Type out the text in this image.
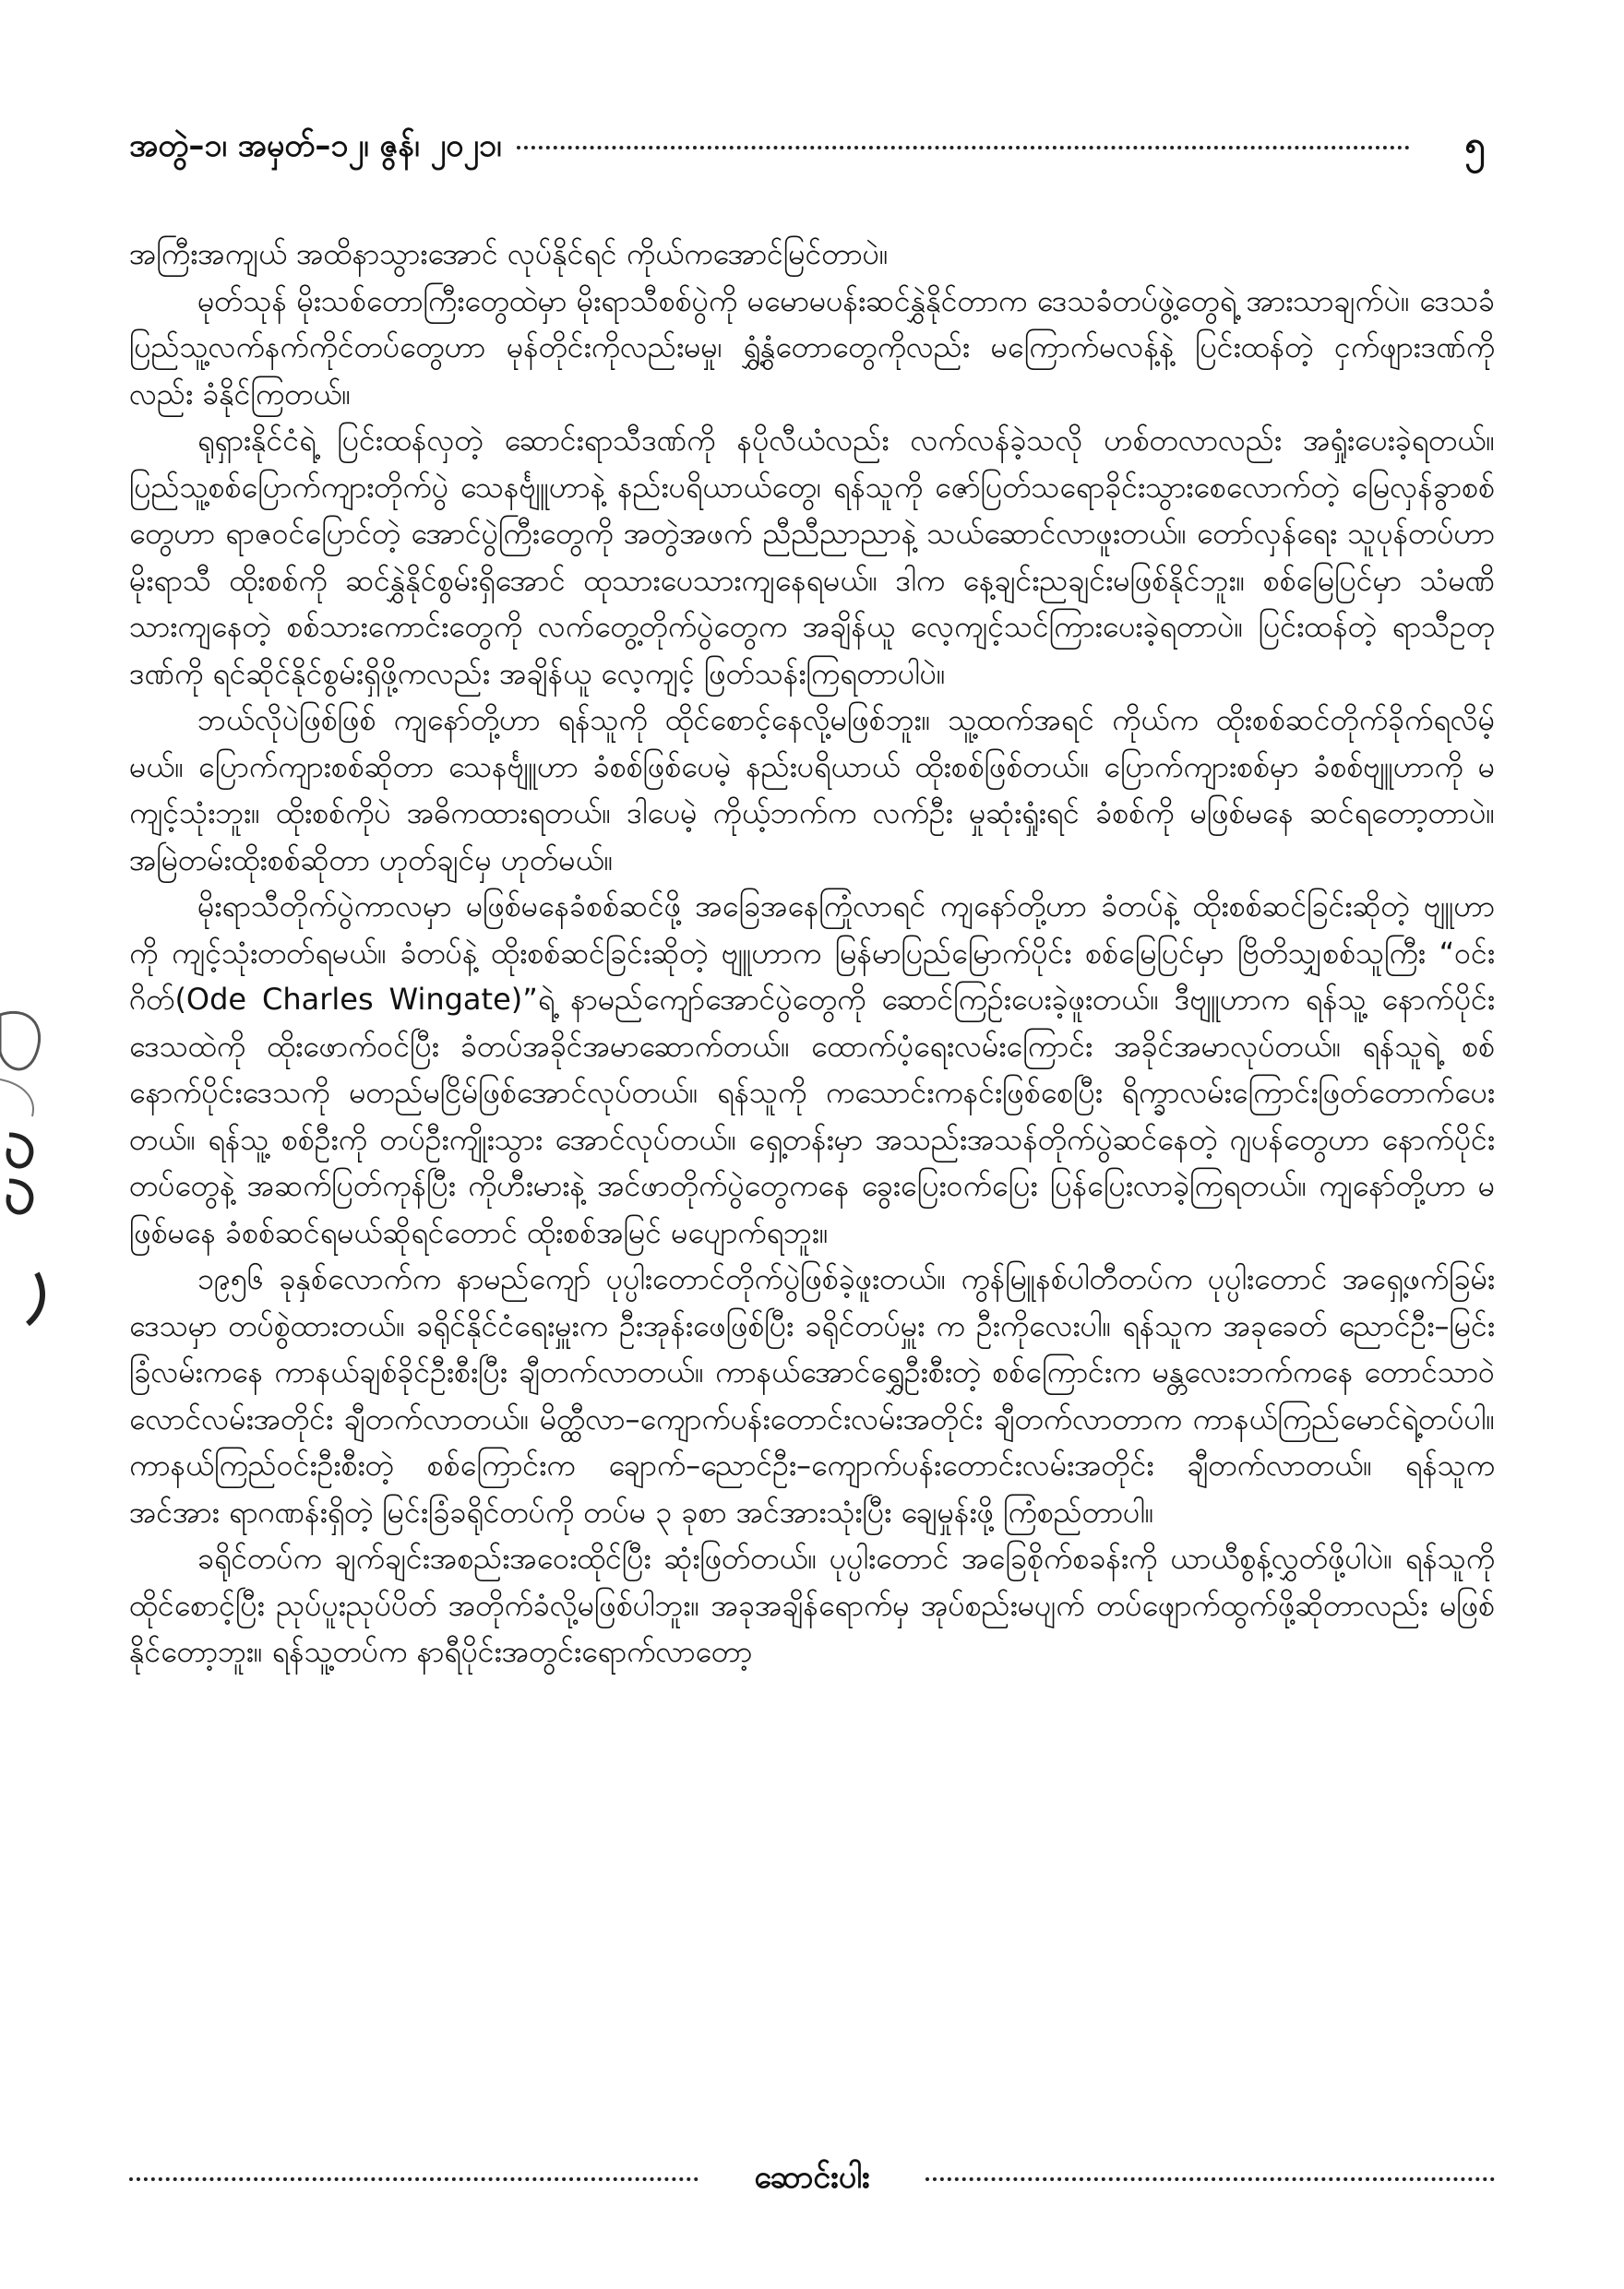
အတွဲ–၁၊ အမှတ်–၁၂၊ ဇွန်၊ ၂၀၂၁၊	၅

အကြီးအကျယ် အထိနာသွားအောင် လုပ်နိုင်ရင် ကိုယ်ကအောင်မြင်တာပဲ။

မုတ်သုန် မိုးသစ်တောကြီးတွေထဲမှာ မိုးရာသီစစ်ပွဲကို မမောမပန်းဆင်နွှဲနိုင်တာက ဒေသခံတပ်ဖွဲ့တွေရဲ့ အားသာချက်ပဲ။ ဒေသခံ ပြည်သူ့လက်နက်ကိုင်တပ်တွေဟာ မုန်တိုင်းကိုလည်းမမှု၊ ရွှံ့နွံတောတွေကိုလည်း မကြောက်မလန့်နဲ့ ပြင်းထန်တဲ့ ငှက်ဖျားဒဏ်ကိုလည်း ခံနိုင်ကြတယ်။

ရုရှားနိုင်ငံရဲ့ ပြင်းထန်လှတဲ့ ဆောင်းရာသီဒဏ်ကို နပိုလီယံလည်း လက်လန်ခဲ့သလို ဟစ်တလာလည်း အရှုံးပေးခဲ့ရတယ်။ ပြည်သူ့စစ်ပြောက်ကျားတိုက်ပွဲ သေနင်္ဗျူဟာနဲ့ နည်းပရိယာယ်တွေ၊ ရန်သူကို ဇော်ပြတ်သရောခိုင်းသွားစေလောက်တဲ့ မြေလှန်ခွာစစ်တွေဟာ ရာဇဝင်ပြောင်တဲ့ အောင်ပွဲကြီးတွေကို အတွဲအဖက် ညီညီညာညာနဲ့ သယ်ဆောင်လာဖူးတယ်။ တော်လှန်ရေး သူပုန်တပ်ဟာ မိုးရာသီ ထိုးစစ်ကို ဆင်နွှဲနိုင်စွမ်းရှိအောင် ထုသားပေသားကျနေရမယ်။ ဒါက နေ့ချင်းညချင်းမဖြစ်နိုင်ဘူး။ စစ်မြေပြင်မှာ သံမဏိသားကျနေတဲ့ စစ်သားကောင်းတွေကို လက်တွေ့တိုက်ပွဲတွေက အချိန်ယူ လေ့ကျင့်သင်ကြားပေးခဲ့ရတာပဲ။ ပြင်းထန်တဲ့ ရာသီဥတုဒဏ်ကို ရင်ဆိုင်နိုင်စွမ်းရှိဖို့ကလည်း အချိန်ယူ လေ့ကျင့် ဖြတ်သန်းကြရတာပါပဲ။

ဘယ်လိုပဲဖြစ်ဖြစ် ကျနော်တို့ဟာ ရန်သူကို ထိုင်စောင့်နေလို့မဖြစ်ဘူး။ သူ့ထက်အရင် ကိုယ်က ထိုးစစ်ဆင်တိုက်ခိုက်ရလိမ့်မယ်။ ပြောက်ကျားစစ်ဆိုတာ သေနင်္ဗျူဟာ ခံစစ်ဖြစ်ပေမဲ့ နည်းပရိယာယ် ထိုးစစ်ဖြစ်တယ်။ ပြောက်ကျားစစ်မှာ ခံစစ်ဗျူဟာကို မကျင့်သုံးဘူး။ ထိုးစစ်ကိုပဲ အဓိကထားရတယ်။ ဒါပေမဲ့ ကိုယ့်ဘက်က လက်ဦး မှုဆုံးရှုံးရင် ခံစစ်ကို မဖြစ်မနေ ဆင်ရတော့တာပဲ။ အမြဲတမ်းထိုးစစ်ဆိုတာ ဟုတ်ချင်မှ ဟုတ်မယ်။

မိုးရာသီတိုက်ပွဲကာလမှာ မဖြစ်မနေခံစစ်ဆင်ဖို့ အခြေအနေကြုံလာရင် ကျနော်တို့ဟာ ခံတပ်နဲ့ ထိုးစစ်ဆင်ခြင်းဆိုတဲ့ ဗျူဟာကို ကျင့်သုံးတတ်ရမယ်။ ခံတပ်နဲ့ ထိုးစစ်ဆင်ခြင်းဆိုတဲ့ ဗျူဟာက မြန်မာပြည်မြောက်ပိုင်း စစ်မြေပြင်မှာ ဗြိတိသျှစစ်သူကြီး “ဝင်းဂိတ်(Ode Charles Wingate)”ရဲ့ နာမည်ကျော်အောင်ပွဲတွေကို ဆောင်ကြဉ်းပေးခဲ့ဖူးတယ်။ ဒီဗျူဟာက ရန်သူ့ နောက်ပိုင်းဒေသထဲကို ထိုးဖောက်ဝင်ပြီး ခံတပ်အခိုင်အမာဆောက်တယ်။ ထောက်ပံ့ရေးလမ်းကြောင်း အခိုင်အမာလုပ်တယ်။ ရန်သူရဲ့ စစ်နောက်ပိုင်းဒေသကို မတည်မငြိမ်ဖြစ်အောင်လုပ်တယ်။ ရန်သူကို ကသောင်းကနင်းဖြစ်စေပြီး ရိက္ခာလမ်းကြောင်းဖြတ်တောက်ပေးတယ်။ ရန်သူ့ စစ်ဦးကို တပ်ဦးကျိုးသွား အောင်လုပ်တယ်။ ရှေ့တန်းမှာ အသည်းအသန်တိုက်ပွဲဆင်နေတဲ့ ဂျပန်တွေဟာ နောက်ပိုင်းတပ်တွေနဲ့ အဆက်ပြတ်ကုန်ပြီး ကိုဟီးမားနဲ့ အင်ဖာတိုက်ပွဲတွေကနေ ခွေးပြေးဝက်ပြေး ပြန်ပြေးလာခဲ့ကြရတယ်။ ကျနော်တို့ဟာ မဖြစ်မနေ ခံစစ်ဆင်ရမယ်ဆိုရင်တောင် ထိုးစစ်အမြင် မပျောက်ရဘူး။

၁၉၅၆ ခုနှစ်လောက်က နာမည်ကျော် ပုပ္ပါးတောင်တိုက်ပွဲဖြစ်ခဲ့ဖူးတယ်။ ကွန်မြူနစ်ပါတီတပ်က ပုပ္ပါးတောင် အရှေ့ဖက်ခြမ်းဒေသမှာ တပ်စွဲထားတယ်။ ခရိုင်နိုင်ငံရေးမှူးက ဦးအုန်းဖေဖြစ်ပြီး ခရိုင်တပ်မှူး က ဦးကိုလေးပါ။ ရန်သူက အခုခေတ် ညောင်ဦး–မြင်းခြံလမ်းကနေ ကာနယ်ချစ်ခိုင်ဦးစီးပြီး ချီတက်လာတယ်။ ကာနယ်အောင်ရွှေဦးစီးတဲ့ စစ်ကြောင်းက မန္တလေးဘက်ကနေ တောင်သာဝဲလောင်လမ်းအတိုင်း ချီတက်လာတယ်။ မိတ္ထီလာ–ကျောက်ပန်းတောင်းလမ်းအတိုင်း ချီတက်လာတာက ကာနယ်ကြည်မောင်ရဲ့တပ်ပါ။ ကာနယ်ကြည်ဝင်းဦးစီးတဲ့ စစ်ကြောင်းက ချောက်–ညောင်ဦး–ကျောက်ပန်းတောင်းလမ်းအတိုင်း ချီတက်လာတယ်။ ရန်သူက အင်အား ရာဂဏန်းရှိတဲ့ မြင်းခြံခရိုင်တပ်ကို တပ်မ ၃ ခုစာ အင်အားသုံးပြီး ချေမှုန်းဖို့ ကြံစည်တာပါ။

ခရိုင်တပ်က ချက်ချင်းအစည်းအဝေးထိုင်ပြီး ဆုံးဖြတ်တယ်။ ပုပ္ပါးတောင် အခြေစိုက်စခန်းကို ယာယီစွန့်လွှတ်ဖို့ပါပဲ။ ရန်သူကို ထိုင်စောင့်ပြီး ညုပ်ပူးညုပ်ပိတ် အတိုက်ခံလို့မဖြစ်ပါဘူး။ အခုအချိန်ရောက်မှ အုပ်စည်းမပျက် တပ်ဖျောက်ထွက်ဖို့ဆိုတာလည်း မဖြစ်နိုင်တော့ဘူး။ ရန်သူ့တပ်က နာရီပိုင်းအတွင်းရောက်လာတော့

ဆောင်းပါး
